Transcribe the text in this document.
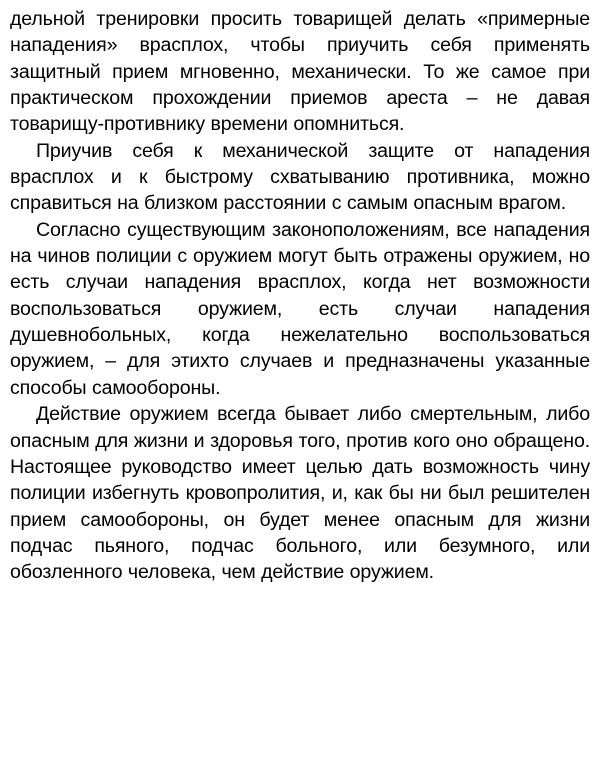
дельной тренировки просить товарищей делать «примерные нападения» врасплох, чтобы приучить себя применять защитный прием мгновенно, механически. То же самое при практическом прохождении приемов ареста – не давая товарищу-противнику времени опомниться.

Приучив себя к механической защите от нападения врасплох и к быстрому схватыванию противника, можно справиться на близком расстоянии с самым опасным врагом.

Согласно существующим законоположениям, все нападения на чинов полиции с оружием могут быть отражены оружием, но есть случаи нападения врасплох, когда нет возможности воспользоваться оружием, есть случаи нападения душевнобольных, когда нежелательно воспользоваться оружием, – для этихто случаев и предназначены указанные способы самообороны.

Действие оружием всегда бывает либо смертельным, либо опасным для жизни и здоровья того, против кого оно обращено. Настоящее руководство имеет целью дать возможность чину полиции избегнуть кровопролития, и, как бы ни был решителен прием самообороны, он будет менее опасным для жизни подчас пьяного, подчас больного, или безумного, или обозленного человека, чем действие оружием.
